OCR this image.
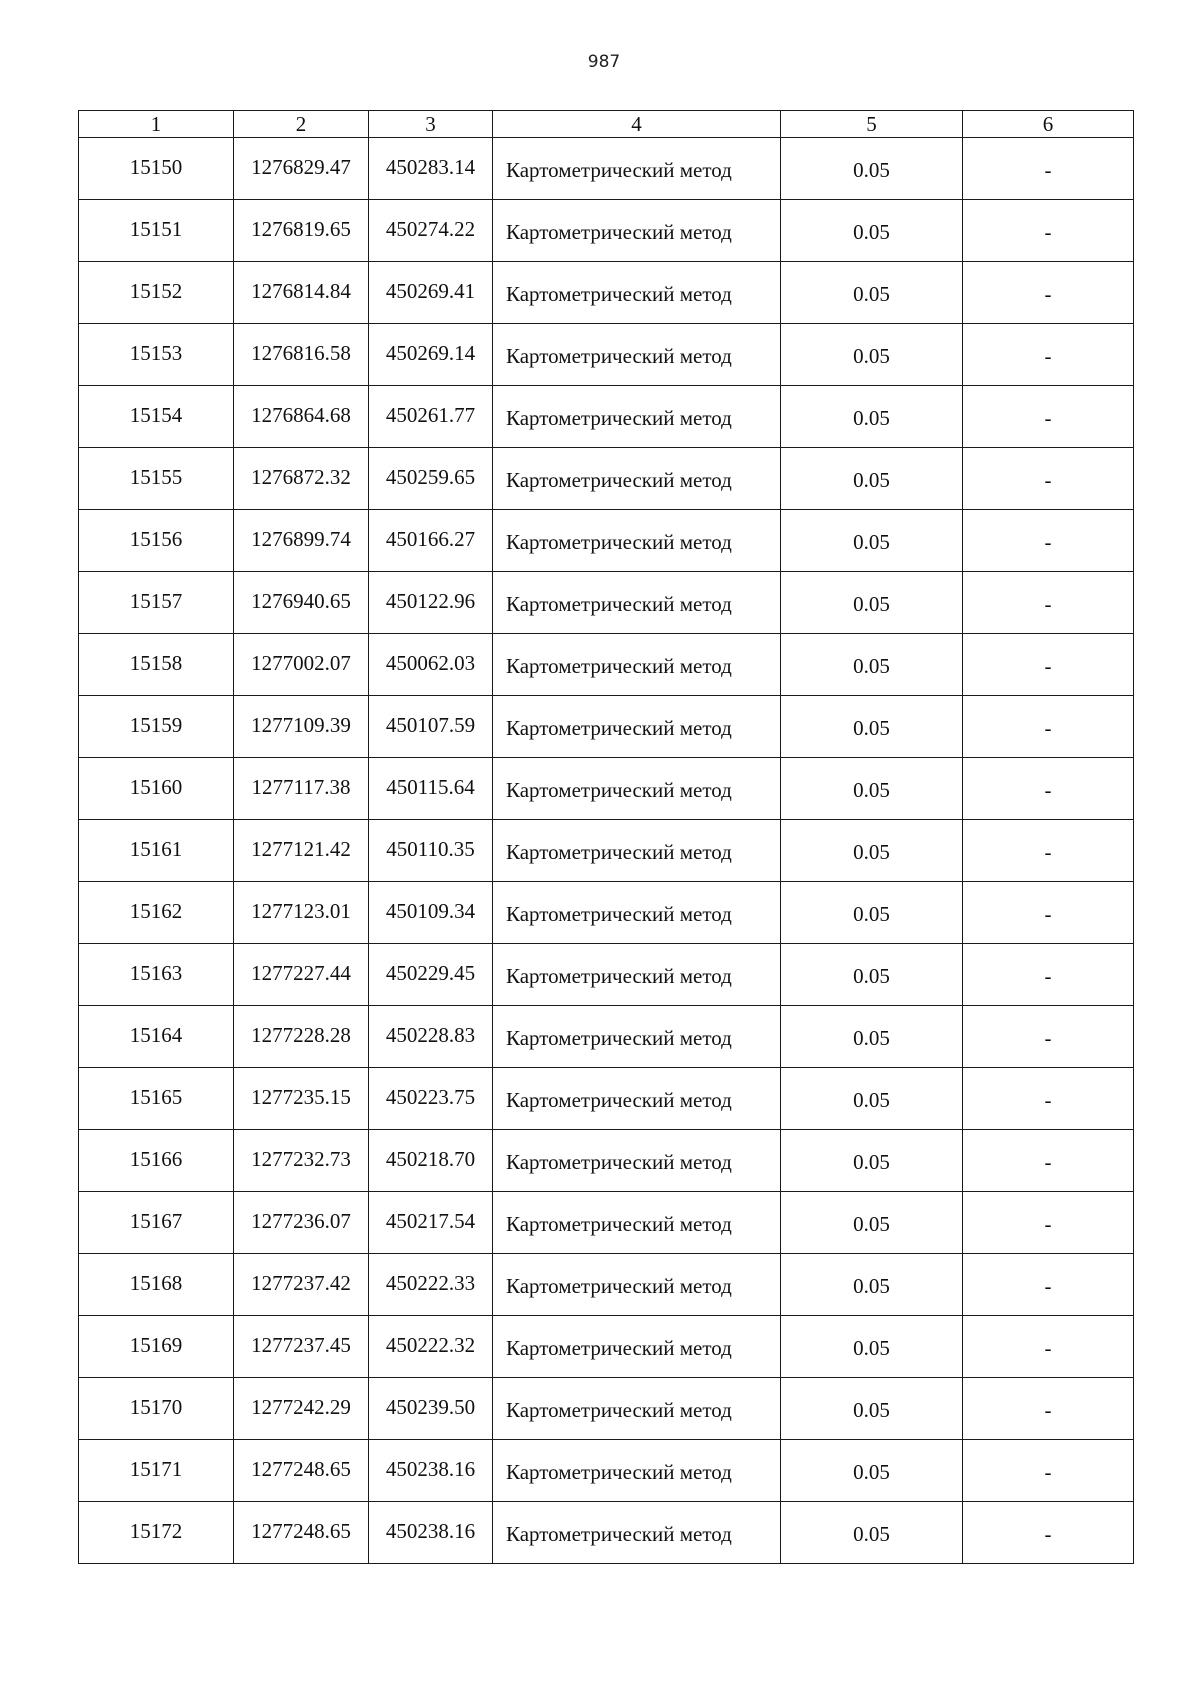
987
1	2	3	4	5	6

15150	1276829.47	450283.14	Картометрический метод	0.05	-

15151	1276819.65	450274.22	Картометрический метод	0.05	-

15152	1276814.84	450269.41	Картометрический метод	0.05	-

15153	1276816.58	450269.14	Картометрический метод	0.05	-

15154	1276864.68	450261.77	Картометрический метод	0.05	-

15155	1276872.32	450259.65	Картометрический метод	0.05	-

15156	1276899.74	450166.27	Картометрический метод	0.05	-

15157	1276940.65	450122.96	Картометрический метод	0.05	-

15158	1277002.07	450062.03	Картометрический метод	0.05	-

15159	1277109.39	450107.59	Картометрический метод	0.05	-

15160	1277117.38	450115.64	Картометрический метод	0.05	-

15161	1277121.42	450110.35	Картометрический метод	0.05	-

15162	1277123.01	450109.34	Картометрический метод	0.05	-

15163	1277227.44	450229.45	Картометрический метод	0.05	-

15164	1277228.28	450228.83	Картометрический метод	0.05	-

15165	1277235.15	450223.75	Картометрический метод	0.05	-

15166	1277232.73	450218.70	Картометрический метод	0.05	-

15167	1277236.07	450217.54	Картометрический метод	0.05	-

15168	1277237.42	450222.33	Картометрический метод	0.05	-

15169	1277237.45	450222.32	Картометрический метод	0.05	-

15170	1277242.29	450239.50	Картометрический метод	0.05	-

15171	1277248.65	450238.16	Картометрический метод	0.05	-

15172	1277248.65	450238.16	Картометрический метод	0.05	-
